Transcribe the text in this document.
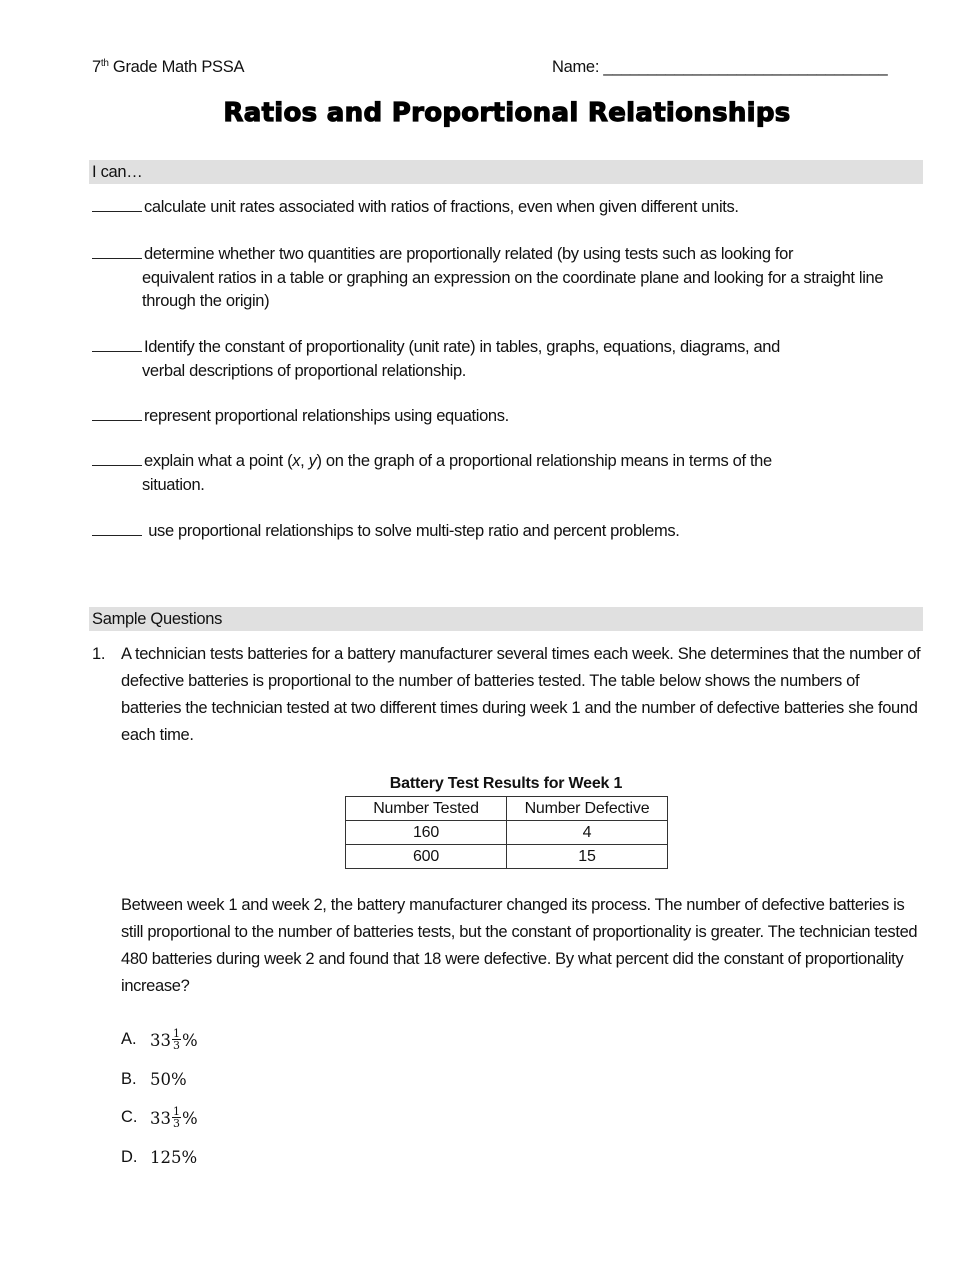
7th Grade Math PSSA	Name: ________________________________
Ratios and Proportional Relationships
I can…
calculate unit rates associated with ratios of fractions, even when given different units.
determine whether two quantities are proportionally related (by using tests such as looking for
equivalent ratios in a table or graphing an expression on the coordinate plane and looking for a straight line through the origin)
Identify the constant of proportionality (unit rate) in tables, graphs, equations, diagrams, and
verbal descriptions of proportional relationship.
represent proportional relationships using equations.
explain what a point (x, y) on the graph of a proportional relationship means in terms of the
situation.
use proportional relationships to solve multi-step ratio and percent problems.
Sample Questions
1. A technician tests batteries for a battery manufacturer several times each week. She determines that the number of defective batteries is proportional to the number of batteries tested. The table below shows the numbers of batteries the technician tested at two different times during week 1 and the number of defective batteries she found each time.
Battery Test Results for Week 1
Number Tested	Number Defective
160	4
600	15
Between week 1 and week 2, the battery manufacturer changed its process. The number of defective batteries is still proportional to the number of batteries tests, but the constant of proportionality is greater. The technician tested 480 batteries during week 2 and found that 18 were defective. By what percent did the constant of proportionality increase?
A. $33 \frac{1}{3}$ %
B. 50%
C. $33 \frac{1}{3}$ %
D. 125%
